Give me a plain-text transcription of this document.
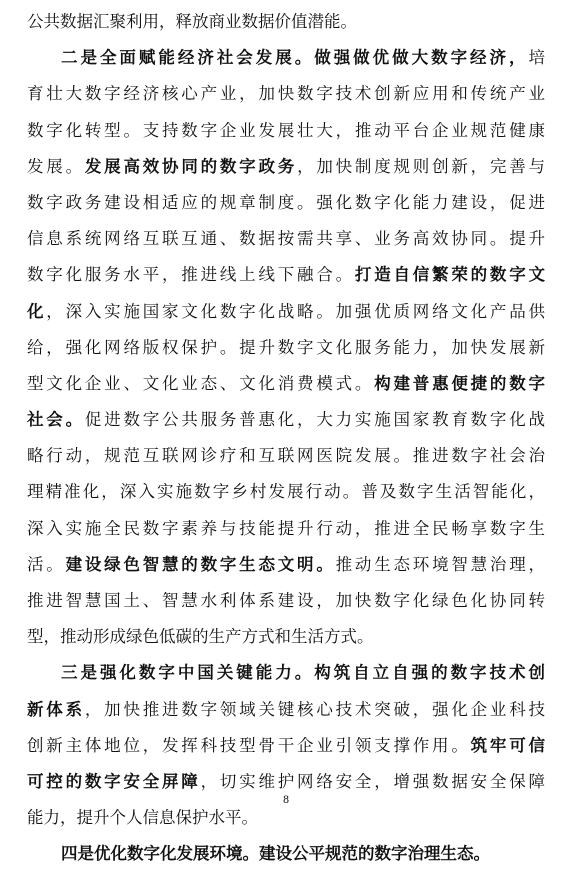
公共数据汇聚利用，释放商业数据价值潜能。
二是全面赋能经济社会发展。做强做优做大数字经济，培
育壮大数字经济核心产业，加快数字技术创新应用和传统产业
数字化转型。支持数字企业发展壮大，推动平台企业规范健康
发展。发展高效协同的数字政务，加快制度规则创新，完善与
数字政务建设相适应的规章制度。强化数字化能力建设，促进
信息系统网络互联互通、数据按需共享、业务高效协同。提升
数字化服务水平，推进线上线下融合。打造自信繁荣的数字文
化，深入实施国家文化数字化战略。加强优质网络文化产品供
给，强化网络版权保护。提升数字文化服务能力，加快发展新
型文化企业、文化业态、文化消费模式。构建普惠便捷的数字
社会。促进数字公共服务普惠化，大力实施国家教育数字化战
略行动，规范互联网诊疗和互联网医院发展。推进数字社会治
理精准化，深入实施数字乡村发展行动。普及数字生活智能化，
深入实施全民数字素养与技能提升行动，推进全民畅享数字生
活。建设绿色智慧的数字生态文明。推动生态环境智慧治理，
推进智慧国土、智慧水利体系建设，加快数字化绿色化协同转
型，推动形成绿色低碳的生产方式和生活方式。
三是强化数字中国关键能力。构筑自立自强的数字技术创
新体系，加快推进数字领域关键核心技术突破，强化企业科技
创新主体地位，发挥科技型骨干企业引领支撑作用。筑牢可信
可控的数字安全屏障，切实维护网络安全，增强数据安全保障
能力，提升个人信息保护水平。
四是优化数字化发展环境。建设公平规范的数字治理生态。
8
